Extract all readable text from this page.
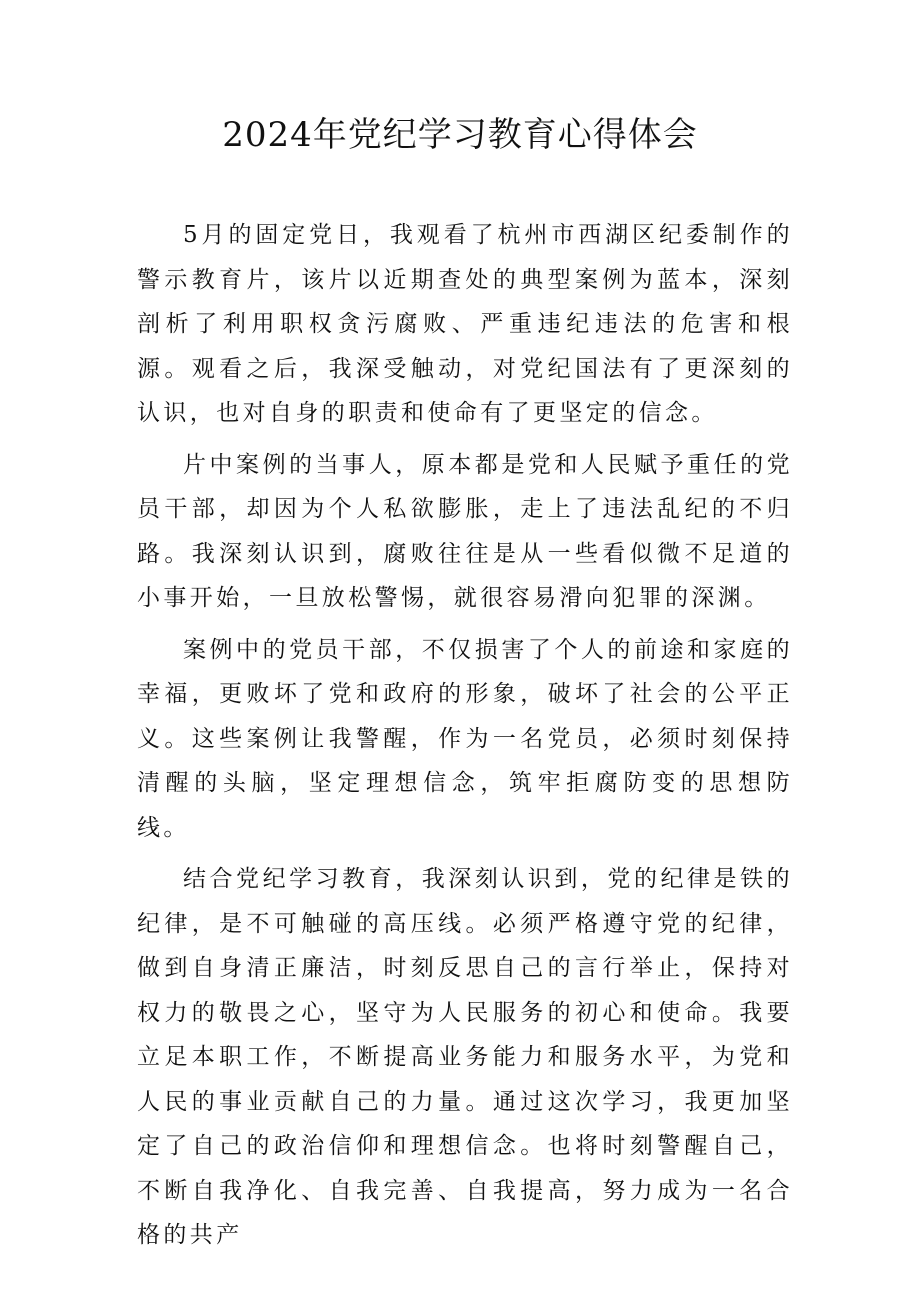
2024年党纪学习教育心得体会

5月的固定党日，我观看了杭州市西湖区纪委制作的警示教育片，该片以近期查处的典型案例为蓝本，深刻剖析了利用职权贪污腐败、严重违纪违法的危害和根源。观看之后，我深受触动，对党纪国法有了更深刻的认识，也对自身的职责和使命有了更坚定的信念。

片中案例的当事人，原本都是党和人民赋予重任的党员干部，却因为个人私欲膨胀，走上了违法乱纪的不归路。我深刻认识到，腐败往往是从一些看似微不足道的小事开始，一旦放松警惕，就很容易滑向犯罪的深渊。

案例中的党员干部，不仅损害了个人的前途和家庭的幸福，更败坏了党和政府的形象，破坏了社会的公平正义。这些案例让我警醒，作为一名党员，必须时刻保持清醒的头脑，坚定理想信念，筑牢拒腐防变的思想防线。

结合党纪学习教育，我深刻认识到，党的纪律是铁的纪律，是不可触碰的高压线。必须严格遵守党的纪律，做到自身清正廉洁，时刻反思自己的言行举止，保持对权力的敬畏之心，坚守为人民服务的初心和使命。我要立足本职工作，不断提高业务能力和服务水平，为党和人民的事业贡献自己的力量。通过这次学习，我更加坚定了自己的政治信仰和理想信念。也将时刻警醒自己，不断自我净化、自我完善、自我提高，努力成为一名合格的共产
